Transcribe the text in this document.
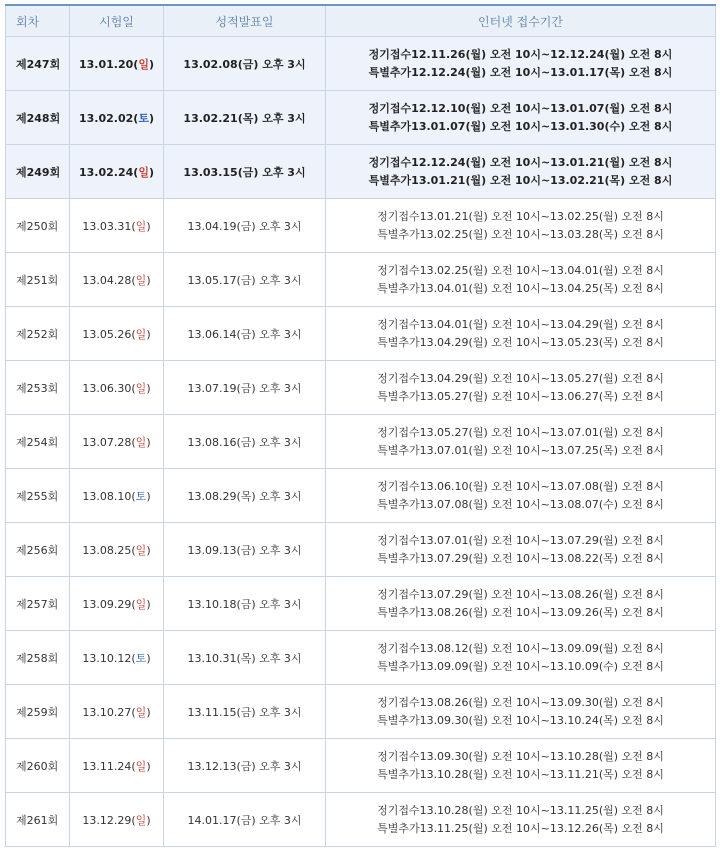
회차	시험일	성적발표일	인터넷 접수기간
제247회	13.01.20(일)	13.02.08(금) 오후 3시	정기접수12.11.26(월) 오전 10시~12.12.24(월) 오전 8시
특별추가12.12.24(월) 오전 10시~13.01.17(목) 오전 8시

제248회	13.02.02(토)	13.02.21(목) 오후 3시	정기접수12.12.10(월) 오전 10시~13.01.07(월) 오전 8시
특별추가13.01.07(월) 오전 10시~13.01.30(수) 오전 8시

제249회	13.02.24(일)	13.03.15(금) 오후 3시	정기접수12.12.24(월) 오전 10시~13.01.21(월) 오전 8시
특별추가13.01.21(월) 오전 10시~13.02.21(목) 오전 8시

제250회	13.03.31(일)	13.04.19(금) 오후 3시	정기접수13.01.21(월) 오전 10시~13.02.25(월) 오전 8시
특별추가13.02.25(월) 오전 10시~13.03.28(목) 오전 8시

제251회	13.04.28(일)	13.05.17(금) 오후 3시	정기접수13.02.25(월) 오전 10시~13.04.01(월) 오전 8시
특별추가13.04.01(월) 오전 10시~13.04.25(목) 오전 8시

제252회	13.05.26(일)	13.06.14(금) 오후 3시	정기접수13.04.01(월) 오전 10시~13.04.29(월) 오전 8시
특별추가13.04.29(월) 오전 10시~13.05.23(목) 오전 8시

제253회	13.06.30(일)	13.07.19(금) 오후 3시	정기접수13.04.29(월) 오전 10시~13.05.27(월) 오전 8시
특별추가13.05.27(월) 오전 10시~13.06.27(목) 오전 8시

제254회	13.07.28(일)	13.08.16(금) 오후 3시	정기접수13.05.27(월) 오전 10시~13.07.01(월) 오전 8시
특별추가13.07.01(월) 오전 10시~13.07.25(목) 오전 8시

제255회	13.08.10(토)	13.08.29(목) 오후 3시	정기접수13.06.10(월) 오전 10시~13.07.08(월) 오전 8시
특별추가13.07.08(월) 오전 10시~13.08.07(수) 오전 8시

제256회	13.08.25(일)	13.09.13(금) 오후 3시	정기접수13.07.01(월) 오전 10시~13.07.29(월) 오전 8시
특별추가13.07.29(월) 오전 10시~13.08.22(목) 오전 8시

제257회	13.09.29(일)	13.10.18(금) 오후 3시	정기접수13.07.29(월) 오전 10시~13.08.26(월) 오전 8시
특별추가13.08.26(월) 오전 10시~13.09.26(목) 오전 8시

제258회	13.10.12(토)	13.10.31(목) 오후 3시	정기접수13.08.12(월) 오전 10시~13.09.09(월) 오전 8시
특별추가13.09.09(월) 오전 10시~13.10.09(수) 오전 8시

제259회	13.10.27(일)	13.11.15(금) 오후 3시	정기접수13.08.26(월) 오전 10시~13.09.30(월) 오전 8시
특별추가13.09.30(월) 오전 10시~13.10.24(목) 오전 8시

제260회	13.11.24(일)	13.12.13(금) 오후 3시	정기접수13.09.30(월) 오전 10시~13.10.28(월) 오전 8시
특별추가13.10.28(월) 오전 10시~13.11.21(목) 오전 8시

제261회	13.12.29(일)	14.01.17(금) 오후 3시	정기접수13.10.28(월) 오전 10시~13.11.25(월) 오전 8시
특별추가13.11.25(월) 오전 10시~13.12.26(목) 오전 8시
